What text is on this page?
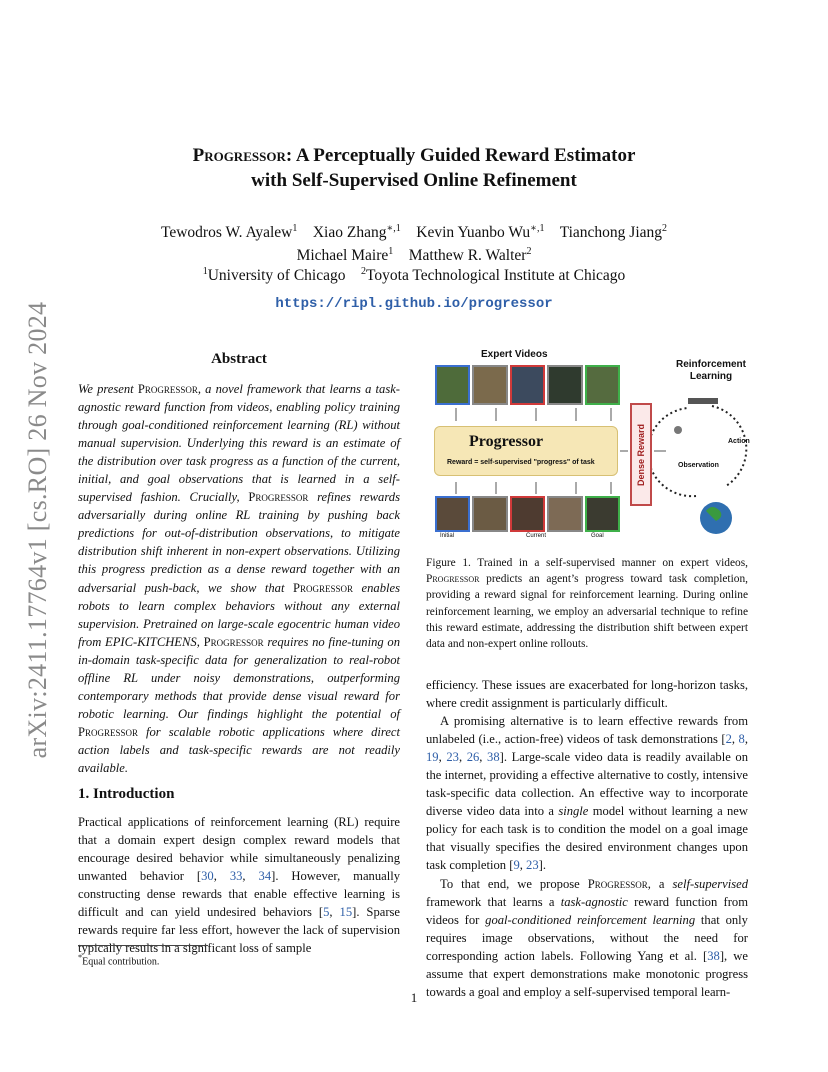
arXiv:2411.17764v1 [cs.RO] 26 Nov 2024
Progressor: A Perceptually Guided Reward Estimator
with Self-Supervised Online Refinement
Tewodros W. Ayalew$^1$ Xiao Zhang$^{∗,1}$ Kevin Yuanbo $Wu^{∗,1}$ Tianchong Jiang$^2$
Michael Maire$^1$ Matthew R. Walter$^2$
$^1$University of Chicago $^2$Toyota Technological Institute at Chicago
https://ripl.github.io/progressor
Abstract
We present Progressor, a novel framework that learns a task-agnostic reward function from videos, enabling policy training through goal-conditioned reinforcement learning (RL) without manual supervision. Underlying this reward is an estimate of the distribution over task progress as a function of the current, initial, and goal observations that is learned in a self-supervised fashion. Crucially, Progressor refines rewards adversarially during online RL training by pushing back predictions for out-of-distribution observations, to mitigate distribution shift inherent in non-expert observations. Utilizing this progress prediction as a dense reward together with an adversarial push-back, we show that Progressor enables robots to learn complex behaviors without any external supervision. Pretrained on large-scale egocentric human video from EPIC-KITCHENS, Progressor requires no fine-tuning on in-domain task-specific data for generalization to real-robot offline RL under noisy demonstrations, outperforming contemporary methods that provide dense visual reward for robotic learning. Our findings highlight the potential of Progressor for scalable robotic applications where direct action labels and task-specific rewards are not readily available.
1. Introduction
Practical applications of reinforcement learning (RL) require that a domain expert design complex reward models that encourage desired behavior while simultaneously penalizing unwanted behavior [30, 33, 34]. However, manually constructing dense rewards that enable effective learning is difficult and can yield undesired behaviors [5, 15]. Sparse rewards require far less effort, however the lack of supervision typically results in a significant loss of sample
*Equal contribution.
Expert Videos
Reinforcement
Learning
Progressor
Reward = self-supervised "progress" of task	Dense Reward	Action
Observation
Initial	Current	Goal
Figure 1. Trained in a self-supervised manner on expert videos, Progressor predicts an agent’s progress toward task completion, providing a reward signal for reinforcement learning. During online reinforcement learning, we employ an adversarial technique to refine this reward estimate, addressing the distribution shift between expert data and non-expert online rollouts.
efficiency. These issues are exacerbated for long-horizon tasks, where credit assignment is particularly difficult.
A promising alternative is to learn effective rewards from unlabeled (i.e., action-free) videos of task demonstrations [2, 8, 19, 23, 26, 38]. Large-scale video data is readily available on the internet, providing a effective alternative to costly, intensive task-specific data collection. An effective way to incorporate diverse video data into a single model without learning a new policy for each task is to condition the model on a goal image that visually specifies the desired environment changes upon task completion [9, 23].
To that end, we propose Progressor, a self-supervised framework that learns a task-agnostic reward function from videos for goal-conditioned reinforcement learning that only requires image observations, without the need for corresponding action labels. Following Yang et al. [38], we assume that expert demonstrations make monotonic progress towards a goal and employ a self-supervised temporal learn-
1
